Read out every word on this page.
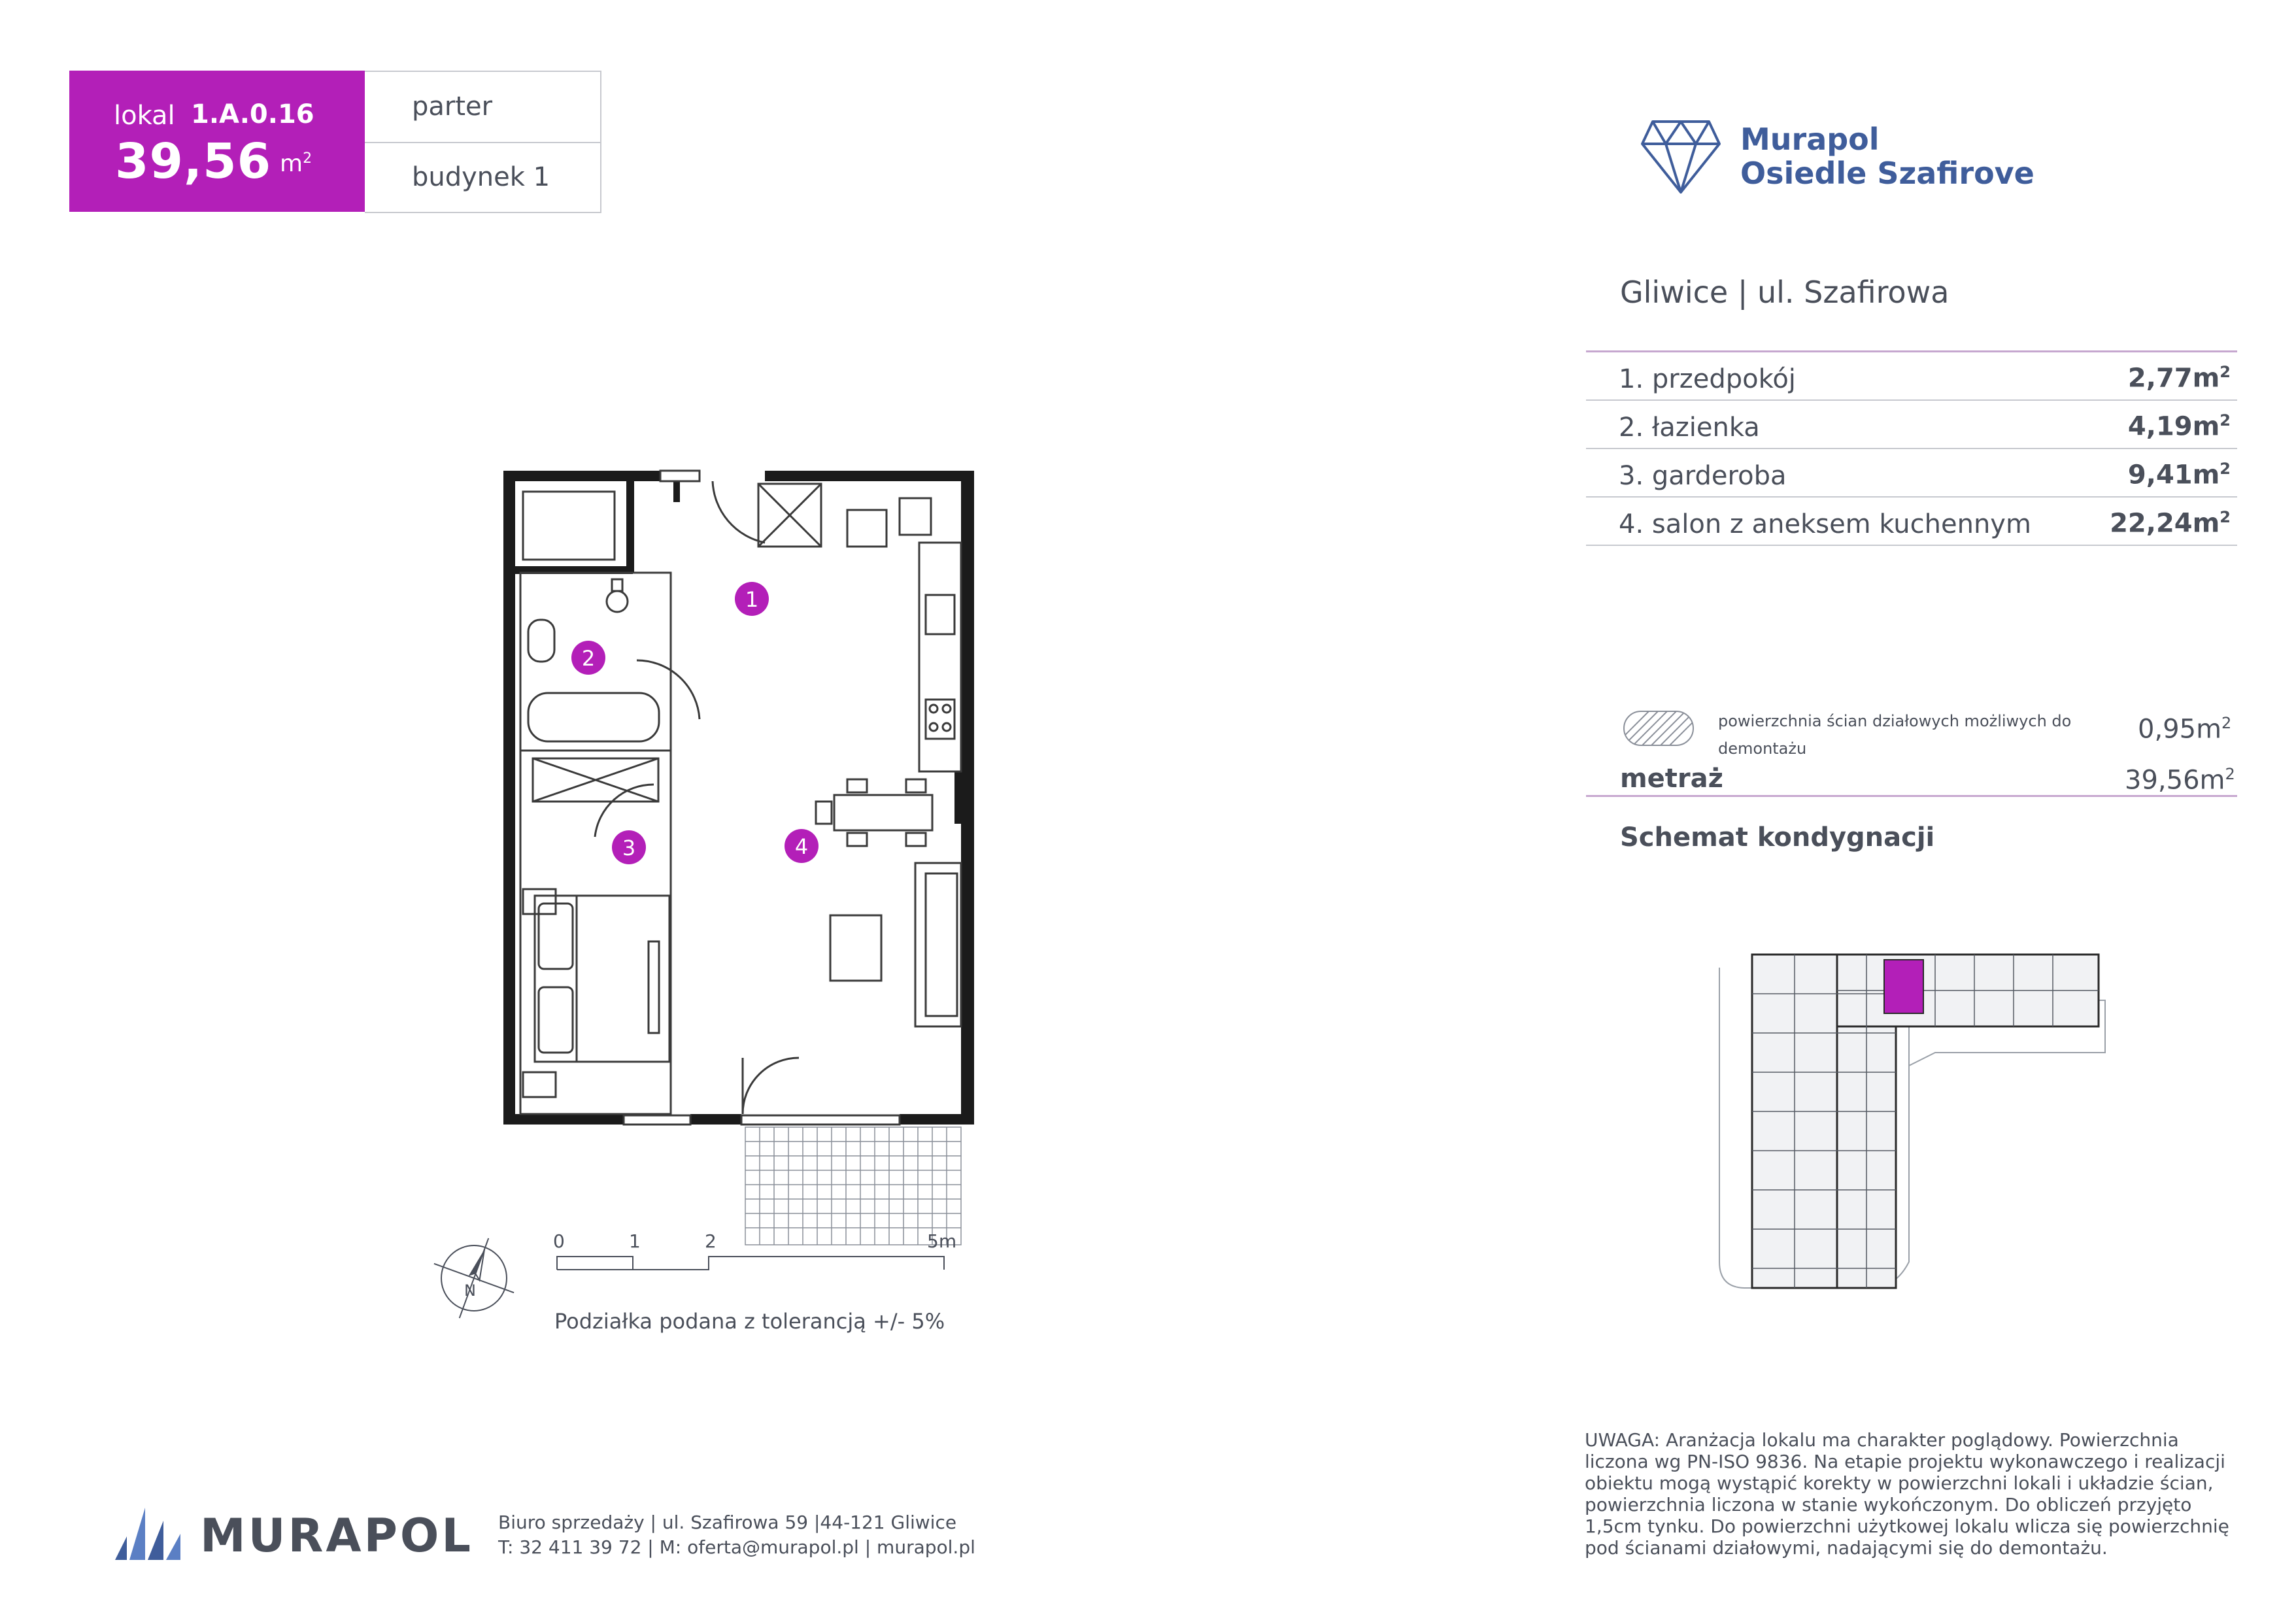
lokal 1.A.0.16
39,56 $m^2$
parter
budynek 1
Murapol
Osiedle Szafirove
Gliwice | ul. Szafirowa
1. przedpokój	$2,77m^2$
2. łazienka	$4,19m^2$
3. garderoba	$9,41m^2$
4. salon z aneksem kuchennym	$22,24m^2$
powierzchnia ścian działowych możliwych do demontażu
$0,95m^2$
metraż	$39,56m^2$
Schemat kondygnacji
1
2
3	4
N
0	1	2	5m
Podziałka podana z tolerancją +/- 5%
MURAPOL Biuro sprzedaży | ul. Szafirowa 59 |44-121 Gliwice
T: 32 411 39 72 | M: oferta@murapol.pl | murapol.pl
UWAGA: Aranżacja lokalu ma charakter poglądowy. Powierzchnia liczona wg PN-ISO 9836. Na etapie projektu wykonawczego i realizacji obiektu mogą wystąpić korekty w powierzchni lokali i układzie ścian, powierzchnia liczona w stanie wykończonym. Do obliczeń przyjęto 1,5cm tynku. Do powierzchni użytkowej lokalu wlicza się powierzchnię pod ścianami działowymi, nadającymi się do demontażu.
